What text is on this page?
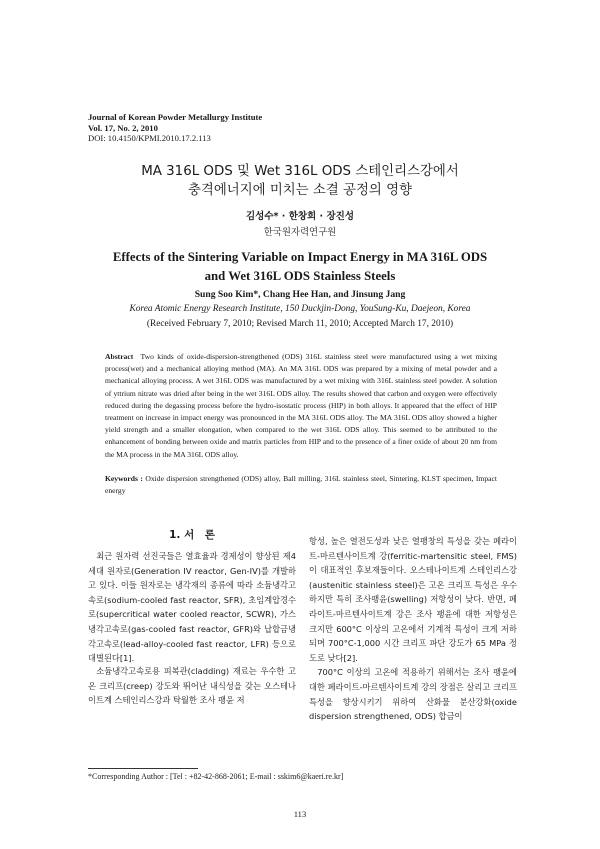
Journal of Korean Powder Metallurgy Institute
Vol. 17, No. 2, 2010
DOI: 10.4150/KPMI.2010.17.2.113
MA 316L ODS 및 Wet 316L ODS 스테인리스강에서
충격에너지에 미치는 소결 공정의 영향
김성수* · 한창희 · 장진성
한국원자력연구원
Effects of the Sintering Variable on Impact Energy in MA 316L ODS
and Wet 316L ODS Stainless Steels
Sung Soo Kim*, Chang Hee Han, and Jinsung Jang
Korea Atomic Energy Research Institute, 150 Duckjin-Dong, YouSung-Ku, Daejeon, Korea
(Received February 7, 2010; Revised March 11, 2010; Accepted March 17, 2010)
Abstract Two kinds of oxide-dispersion-strengthened (ODS) 316L stainless steel were manufactured using a wet mixing process(wet) and a mechanical alloying method (MA). An MA 316L ODS was prepared by a mixing of metal powder and a mechanical alloying process. A wet 316L ODS was manufactured by a wet mixing with 316L stainless steel powder. A solution of yttrium nitrate was dried after being in the wet 316L ODS alloy. The results showed that carbon and oxygen were effectively reduced during the degassing process before the hydro-isostatic process (HIP) in both alloys. It appeared that the effect of HIP treatment on increase in impact energy was pronounced in the MA 316L ODS alloy. The MA 316L ODS alloy showed a higher yield strength and a smaller elongation, when compared to the wet 316L ODS alloy. This seemed to be attributed to the enhancement of bonding between oxide and matrix particles from HIP and to the presence of a finer oxide of about 20 nm from the MA process in the MA 316L ODS alloy.
Keywords : Oxide dispersion strengthened (ODS) alloy, Ball milling, 316L stainless steel, Sintering, KLST specimen, Impact energy
1. 서　론

최근 원자력 선진국들은 열효율과 경제성이 향상된 제4세대 원자로(Generation IV reactor, Gen-IV)를 개발하고 있다. 이들 원자로는 냉각재의 종류에 따라 소듐냉각고속로(sodium-cooled fast reactor, SFR), 초임계압경수로(supercritical water cooled reactor, SCWR), 가스냉각고속로(gas-cooled fast reactor, GFR)와 납합금냉각고속로(lead-alloy-cooled fast reactor, LFR) 등으로 대별된다[1].

소듐냉각고속로용 피복관(cladding) 재료는 우수한 고온 크리프(creep) 강도와 뛰어난 내식성을 갖는 오스테나이트계 스테인리스강과 탁월한 조사 팽윤 저

항성, 높은 열전도성과 낮은 열팽창의 특성을 갖는 페라이트-마르텐사이트계 강(ferritic-martensitic steel, FMS)이 대표적인 후보재들이다. 오스테나이트계 스테인리스강(austenitic stainless steel)은 고온 크리프 특성은 우수하지만 특히 조사팽윤(swelling) 저항성이 낮다. 반면, 페라이트-마르텐사이트계 강은 조사 팽윤에 대한 저항성은 크지만 600°C 이상의 고온에서 기계적 특성이 크게 저하되며 700°C-1,000 시간 크리프 파단 강도가 65 MPa 정도로 낮다[2].

700°C 이상의 고온에 적용하기 위해서는 조사 팽윤에 대한 페라이트-마르텐사이트계 강의 장점은 살리고 크리프 특성을 향상시키기 위하여 산화물 분산강화(oxide dispersion strengthened, ODS) 합금이

*Corresponding Author : [Tel : +82-42-868-2061; E-mail : sskim6@kaeri.re.kr]
113
